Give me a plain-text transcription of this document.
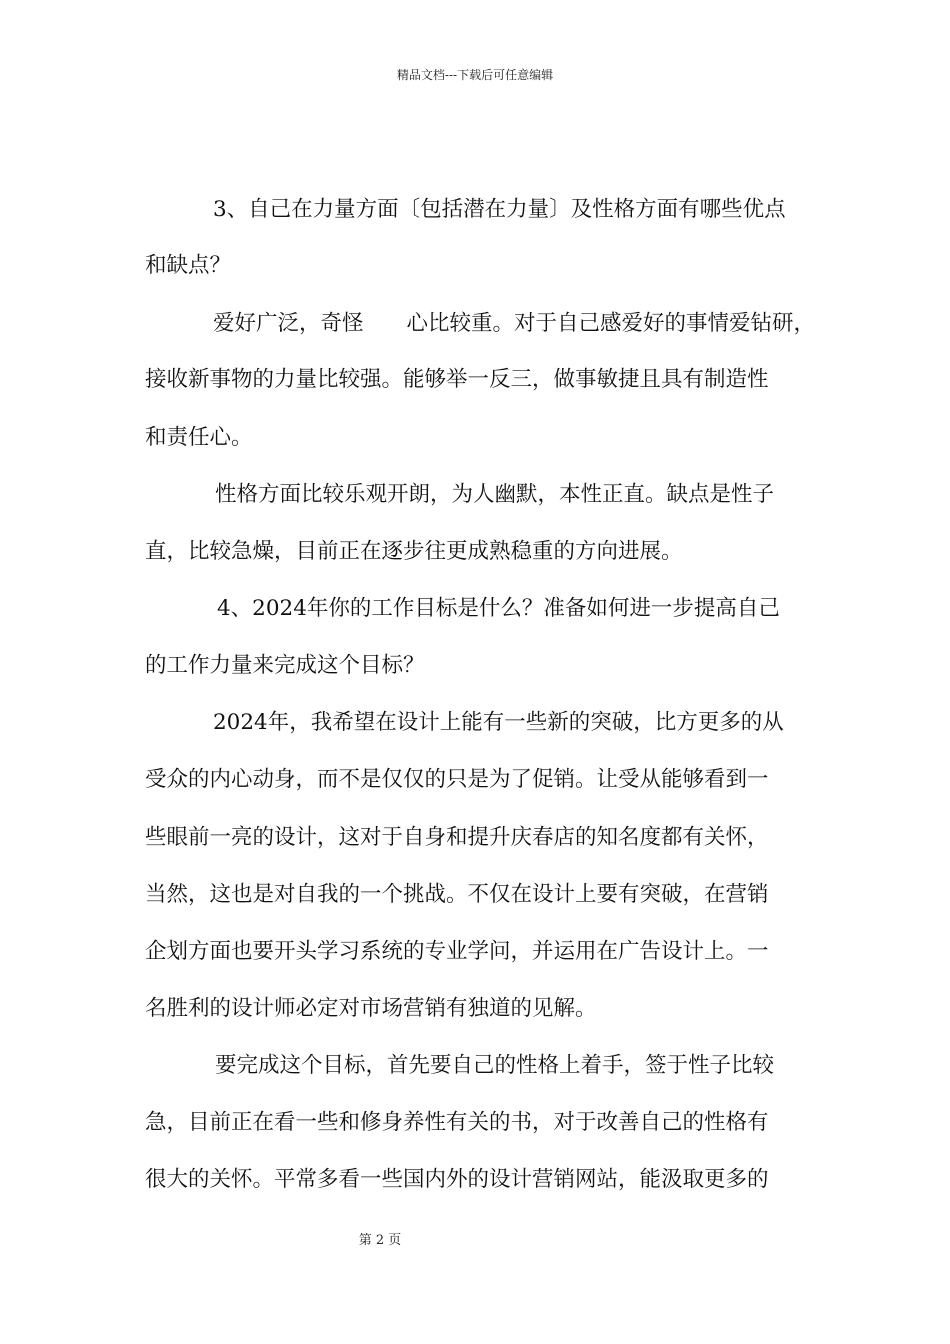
精品文档---下载后可任意编辑
3、自己在力量方面〔包括潜在力量〕及性格方面有哪些优点
和缺点？
爱好广泛，奇怪　　心比较重。对于自己感爱好的事情爱钻研，
接收新事物的力量比较强。能够举一反三，做事敏捷且具有制造性
和责任心。
性格方面比较乐观开朗，为人幽默，本性正直。缺点是性子
直，比较急燥，目前正在逐步往更成熟稳重的方向进展。
4、2024年你的工作目标是什么？准备如何进一步提高自己
的工作力量来完成这个目标？
2024年，我希望在设计上能有一些新的突破，比方更多的从
受众的内心动身，而不是仅仅的只是为了促销。让受从能够看到一
些眼前一亮的设计，这对于自身和提升庆春店的知名度都有关怀，
当然，这也是对自我的一个挑战。不仅在设计上要有突破，在营销
企划方面也要开头学习系统的专业学问，并运用在广告设计上。一
名胜利的设计师必定对市场营销有独道的见解。
要完成这个目标，首先要自己的性格上着手，签于性子比较
急，目前正在看一些和修身养性有关的书，对于改善自己的性格有
很大的关怀。平常多看一些国内外的设计营销网站，能汲取更多的
第 2 页
